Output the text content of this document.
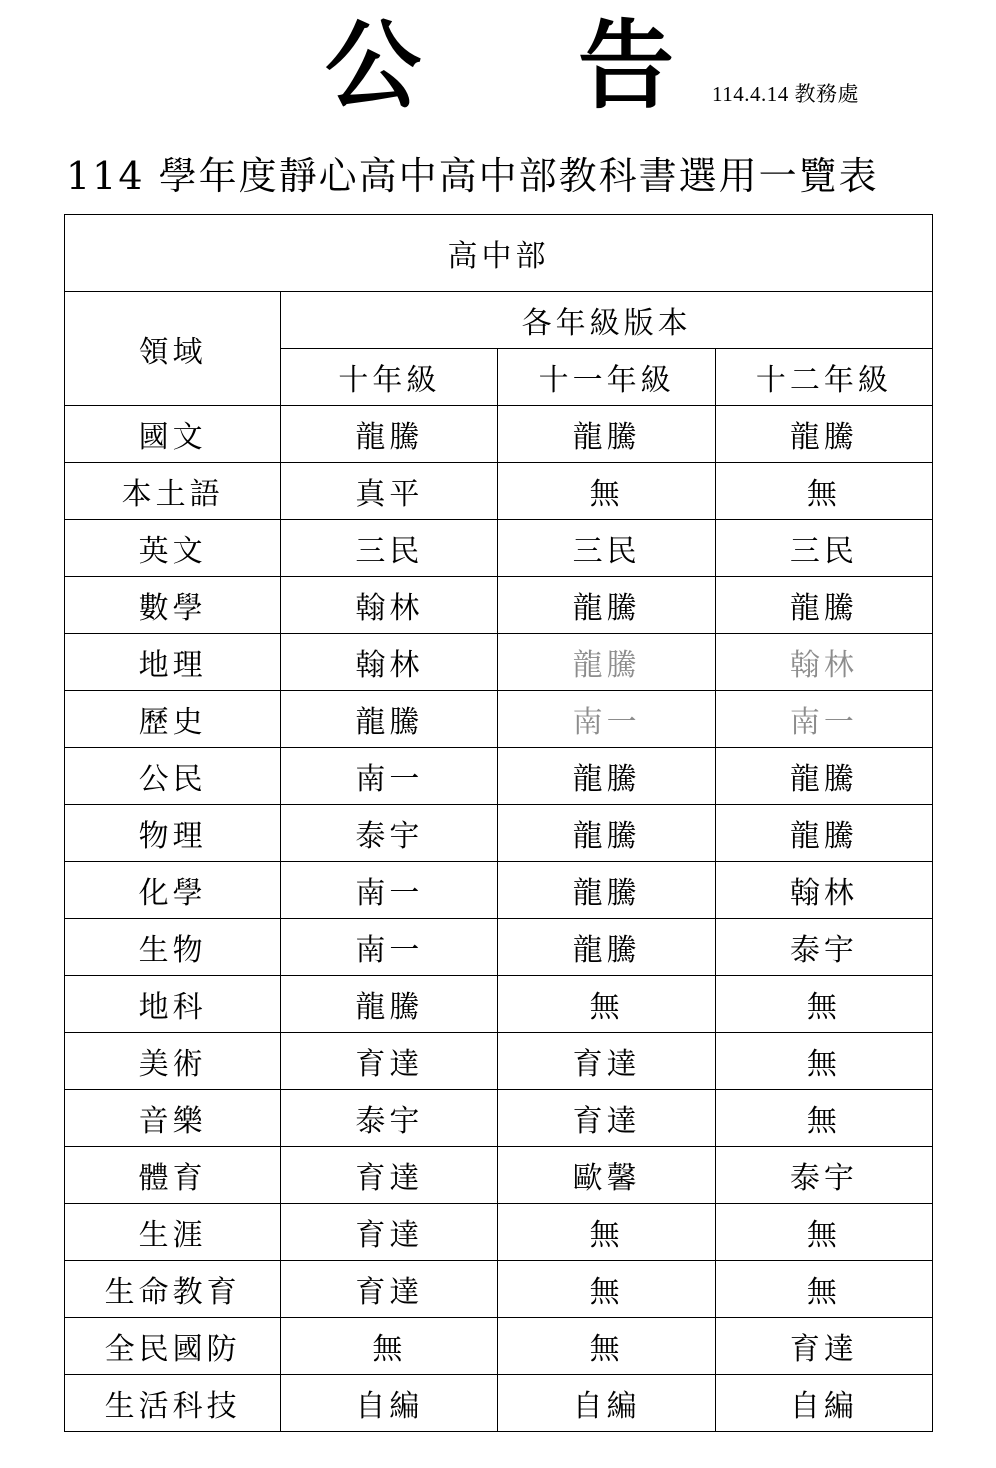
公 告 114.4.14 教務處
114 學年度靜心高中高中部教科書選用一覽表
高中部			
領域	各年級版本		
	十年級	十一年級	十二年級
國文	龍騰	龍騰	龍騰
本土語	真平	無	無
英文	三民	三民	三民
數學	翰林	龍騰	龍騰
地理	翰林	龍騰	翰林
歷史	龍騰	南一	南一
公民	南一	龍騰	龍騰
物理	泰宇	龍騰	龍騰
化學	南一	龍騰	翰林
生物	南一	龍騰	泰宇
地科	龍騰	無	無
美術	育達	育達	無
音樂	泰宇	育達	無
體育	育達	歐馨	泰宇
生涯	育達	無	無
生命教育	育達	無	無
全民國防	無	無	育達
生活科技	自編	自編	自編
